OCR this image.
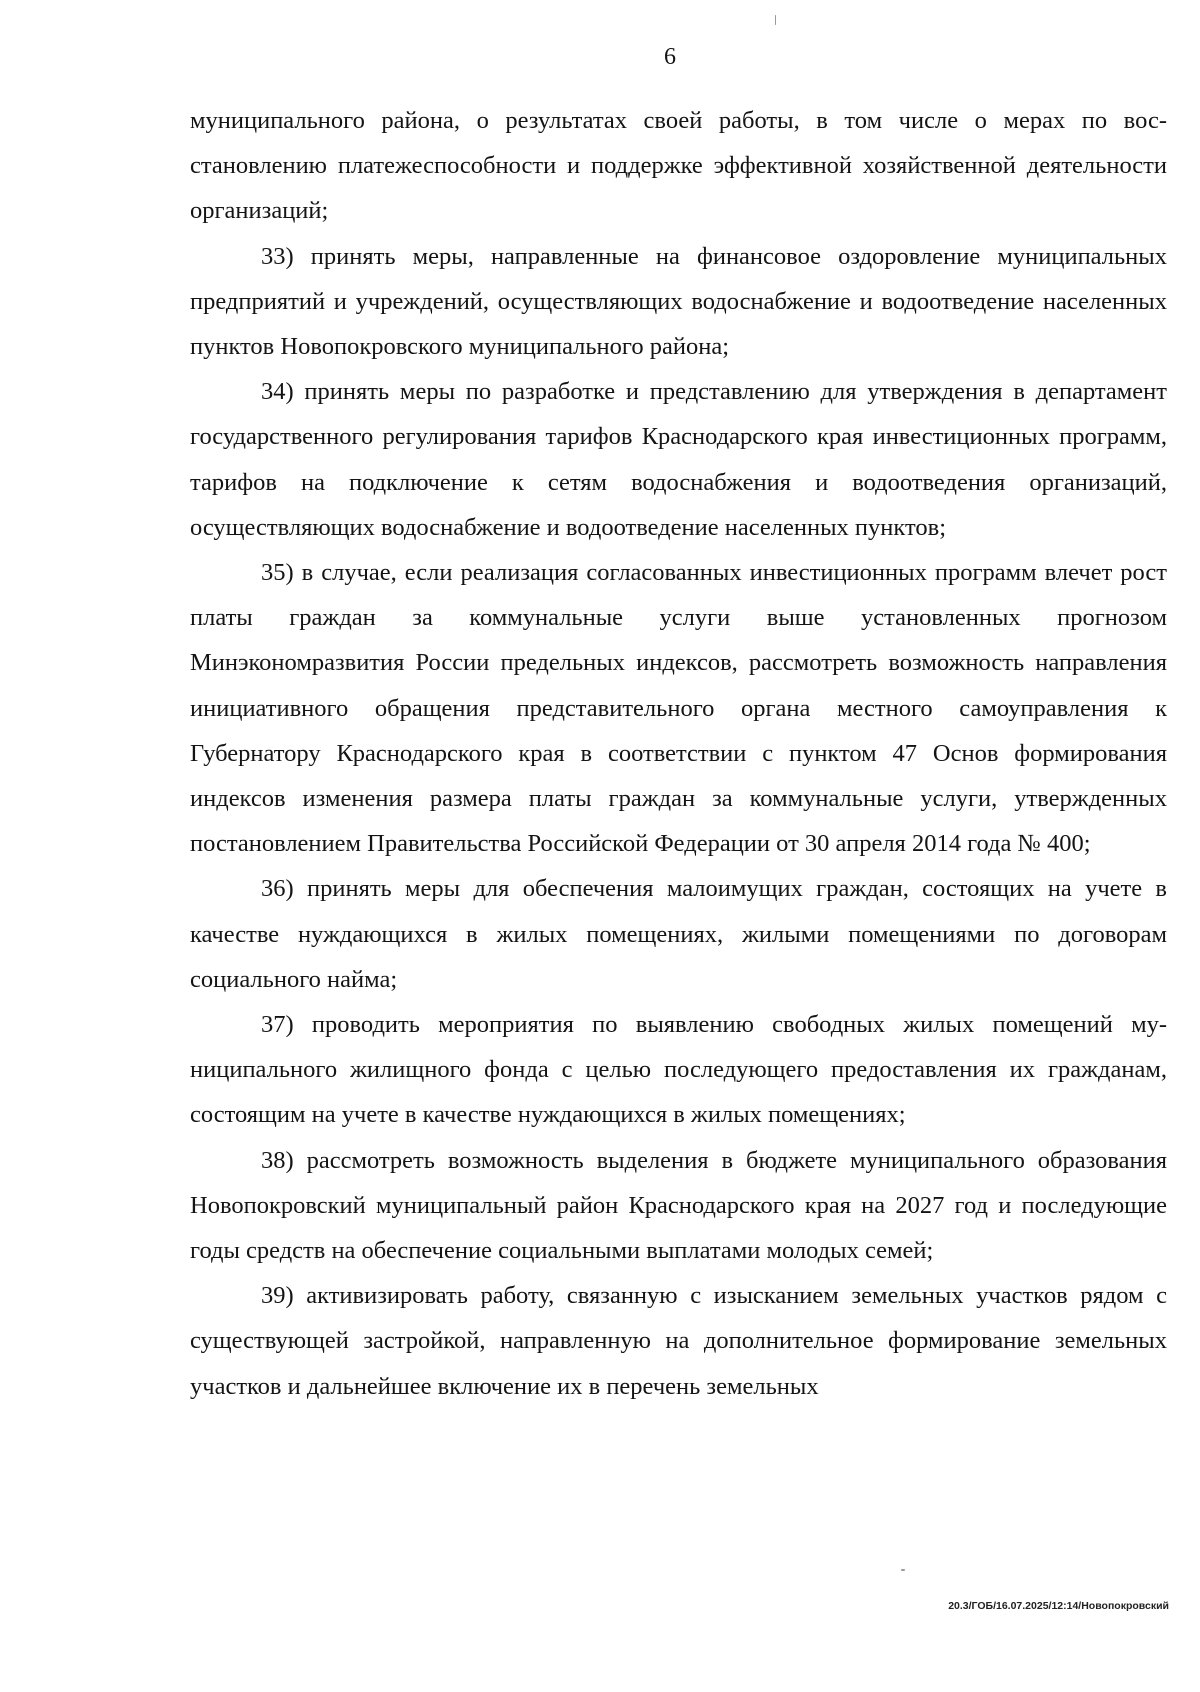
6

муниципального района, о результатах своей работы, в том числе о мерах по восстановлению платежеспособности и поддержке эффективной хозяйственной деятельности организаций;

33) принять меры, направленные на финансовое оздоровление муниципальных предприятий и учреждений, осуществляющих водоснабжение и водоотведение населенных пунктов Новопокровского муниципального района;

34) принять меры по разработке и представлению для утверждения в департамент государственного регулирования тарифов Краснодарского края инвестиционных программ, тарифов на подключение к сетям водоснабжения и водоотведения организаций, осуществляющих водоснабжение и водоотведение населенных пунктов;

35) в случае, если реализация согласованных инвестиционных программ влечет рост платы граждан за коммунальные услуги выше установленных прогнозом Минэкономразвития России предельных индексов, рассмотреть возможность направления инициативного обращения представительного органа местного самоуправления к Губернатору Краснодарского края в соответствии с пунктом 47 Основ формирования индексов изменения размера платы граждан за коммунальные услуги, утвержденных постановлением Правительства Российской Федерации от 30 апреля 2014 года № 400;

36) принять меры для обеспечения малоимущих граждан, состоящих на учете в качестве нуждающихся в жилых помещениях, жилыми помещениями по договорам социального найма;

37) проводить мероприятия по выявлению свободных жилых помещений муниципального жилищного фонда с целью последующего предоставления их гражданам, состоящим на учете в качестве нуждающихся в жилых помещениях;

38) рассмотреть возможность выделения в бюджете муниципального образования Новопокровский муниципальный район Краснодарского края на 2027 год и последующие годы средств на обеспечение социальными выплатами молодых семей;

39) активизировать работу, связанную с изысканием земельных участков рядом с существующей застройкой, направленную на дополнительное формирование земельных участков и дальнейшее включение их в перечень земельных

20.3/ГОБ/16.07.2025/12:14/Новопокровский
